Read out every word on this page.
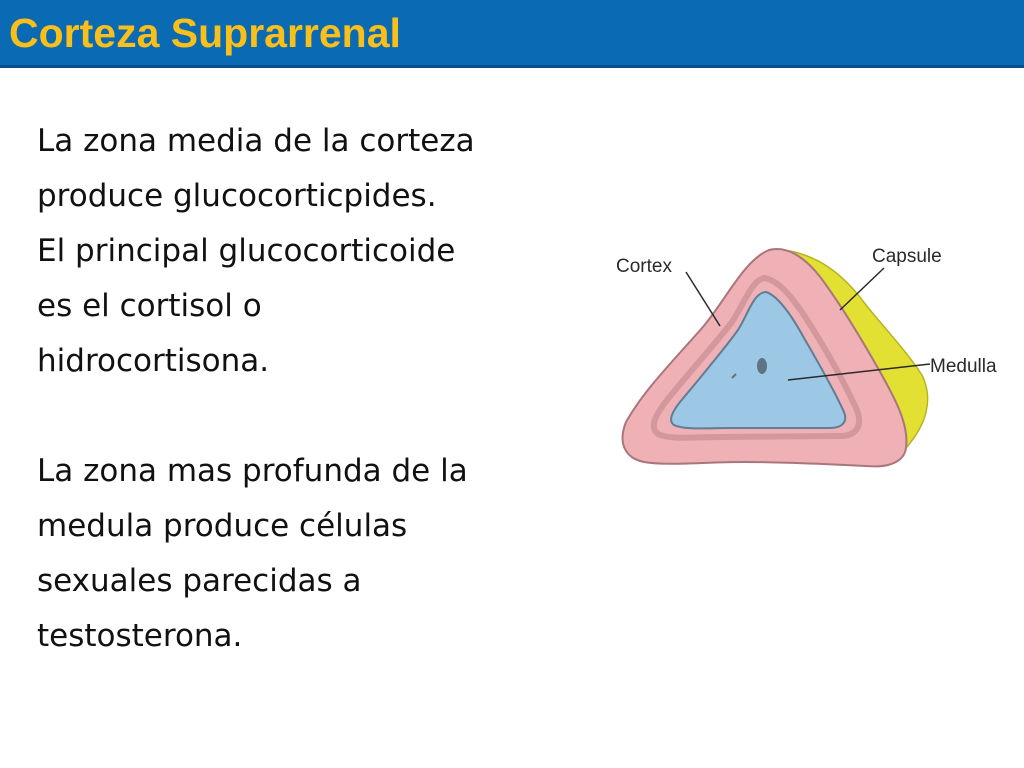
Corteza Suprarrenal

La zona media de la corteza
produce glucocorticpides.
El principal glucocorticoide
es el cortisol o
hidrocortisona.

La zona mas profunda de la
medula produce células
sexuales parecidas a
testosterona.

Cortex	Capsule
Medulla
